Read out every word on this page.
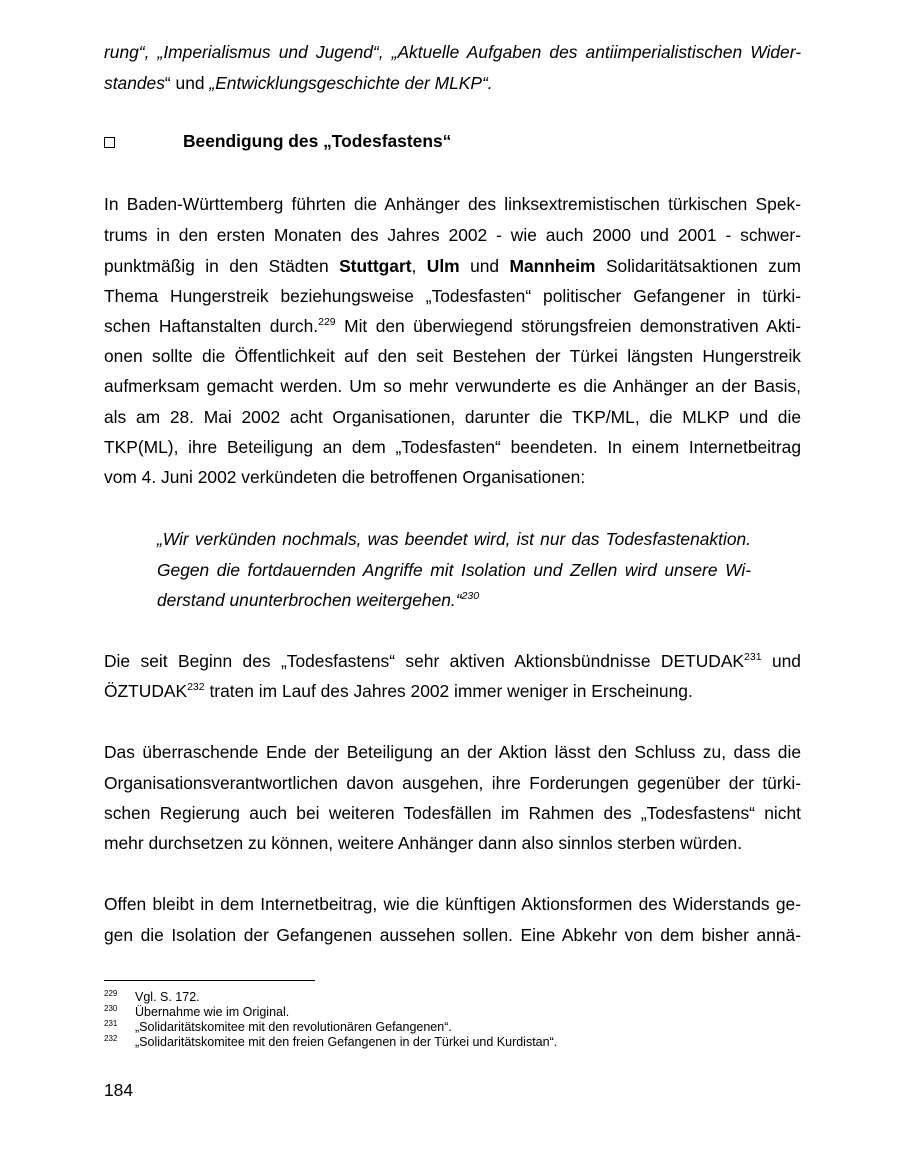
rung“, „Imperialismus und Jugend“, „Aktuelle Aufgaben des antiimperialistischen Wider-
standes“ und „Entwicklungsgeschichte der MLKP“.
Beendigung des „Todesfastens“
In Baden-Württemberg führten die Anhänger des linksextremistischen türkischen Spek-
trums in den ersten Monaten des Jahres 2002 - wie auch 2000 und 2001 - schwer-
punktmäßig in den Städten Stuttgart, Ulm und Mannheim Solidaritätsaktionen zum
Thema Hungerstreik beziehungsweise „Todesfasten“ politischer Gefangener in türki-
schen Haftanstalten durch.$^{229}$ Mit den überwiegend störungsfreien demonstrativen Akti-
onen sollte die Öffentlichkeit auf den seit Bestehen der Türkei längsten Hungerstreik
aufmerksam gemacht werden. Um so mehr verwunderte es die Anhänger an der Basis,
als am 28. Mai 2002 acht Organisationen, darunter die TKP/ML, die MLKP und die
TKP(ML), ihre Beteiligung an dem „Todesfasten“ beendeten. In einem Internetbeitrag
vom 4. Juni 2002 verkündeten die betroffenen Organisationen:
„Wir verkünden nochmals, was beendet wird, ist nur das Todesfastenaktion.
Gegen die fortdauernden Angriffe mit Isolation und Zellen wird unsere Wi-
derstand ununterbrochen weitergehen.“$^{230}$
Die seit Beginn des „Todesfastens“ sehr aktiven Aktionsbündnisse DETUDAK$^{231}$ und
ÖZTUDAK$^{232}$ traten im Lauf des Jahres 2002 immer weniger in Erscheinung.
Das überraschende Ende der Beteiligung an der Aktion lässt den Schluss zu, dass die
Organisationsverantwortlichen davon ausgehen, ihre Forderungen gegenüber der türki-
schen Regierung auch bei weiteren Todesfällen im Rahmen des „Todesfastens“ nicht
mehr durchsetzen zu können, weitere Anhänger dann also sinnlos sterben würden.
Offen bleibt in dem Internetbeitrag, wie die künftigen Aktionsformen des Widerstands ge-
gen die Isolation der Gefangenen aussehen sollen. Eine Abkehr von dem bisher annä-
229 Vgl. S. 172.
230 Übernahme wie im Original.
231 „Solidaritätskomitee mit den revolutionären Gefangenen“.
232 „Solidaritätskomitee mit den freien Gefangenen in der Türkei und Kurdistan“.
184
